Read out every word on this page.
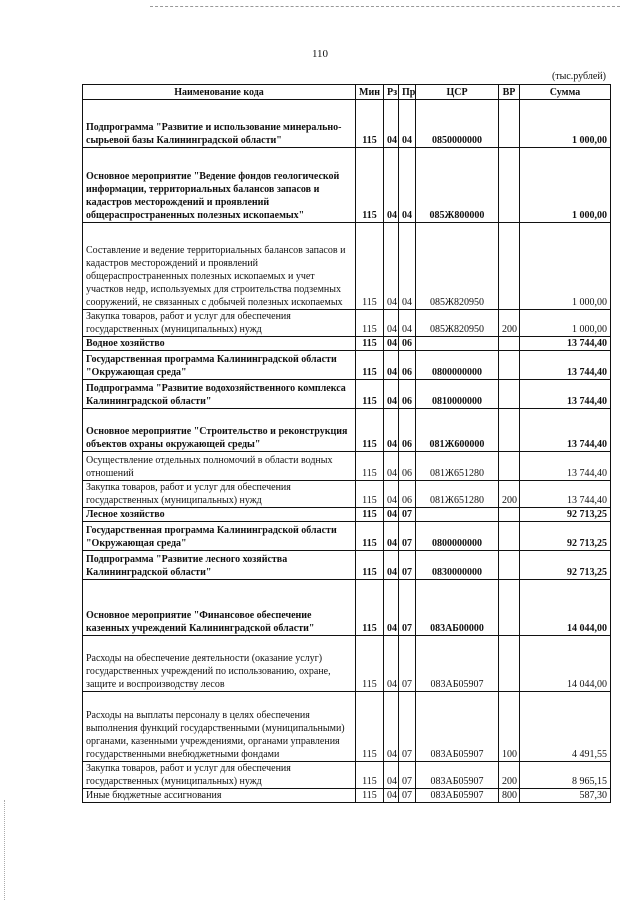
110
(тыс.рублей)
Наименование кода	Мин	Рз	Пр	ЦСР	ВР	Сумма
Подпрограмма "Развитие и использование минерально-сырьевой базы Калининградской области"	115	04	04	0850000000		1 000,00
Основное мероприятие "Ведение фондов геологической информации, территориальных балансов запасов и кадастров месторождений и проявлений общераспространенных полезных ископаемых"	115	04	04	085Ж800000		1 000,00
Составление и ведение территориальных балансов запасов и кадастров месторождений и проявлений общераспространенных полезных ископаемых и учет участков недр, используемых для строительства подземных сооружений, не связанных с добычей полезных ископаемых	115	04	04	085Ж820950		1 000,00
Закупка товаров, работ и услуг для обеспечения государственных (муниципальных) нужд	115	04	04	085Ж820950	200	1 000,00
Водное хозяйство	115	04	06			13 744,40
Государственная программа Калининградской области "Окружающая среда"	115	04	06	0800000000		13 744,40
Подпрограмма "Развитие водохозяйственного комплекса Калининградской области"	115	04	06	0810000000		13 744,40
Основное мероприятие "Строительство и реконструкция объектов охраны окружающей среды"	115	04	06	081Ж600000		13 744,40
Осуществление отдельных полномочий в области водных отношений	115	04	06	081Ж651280		13 744,40
Закупка товаров, работ и услуг для обеспечения государственных (муниципальных) нужд	115	04	06	081Ж651280	200	13 744,40
Лесное хозяйство	115	04	07			92 713,25
Государственная программа Калининградской области "Окружающая среда"	115	04	07	0800000000		92 713,25
Подпрограмма "Развитие лесного хозяйства Калининградской области"	115	04	07	0830000000		92 713,25
Основное мероприятие "Финансовое обеспечение казенных учреждений Калининградской области"	115	04	07	083АБ00000		14 044,00
Расходы на обеспечение деятельности (оказание услуг) государственных учреждений по использованию, охране, защите и воспроизводству лесов	115	04	07	083АБ05907		14 044,00
Расходы на выплаты персоналу в целях обеспечения выполнения функций государственными (муниципальными) органами, казенными учреждениями, органами управления государственными внебюджетными фондами	115	04	07	083АБ05907	100	4 491,55
Закупка товаров, работ и услуг для обеспечения государственных (муниципальных) нужд	115	04	07	083АБ05907	200	8 965,15
Иные бюджетные ассигнования	115	04	07	083АБ05907	800	587,30
